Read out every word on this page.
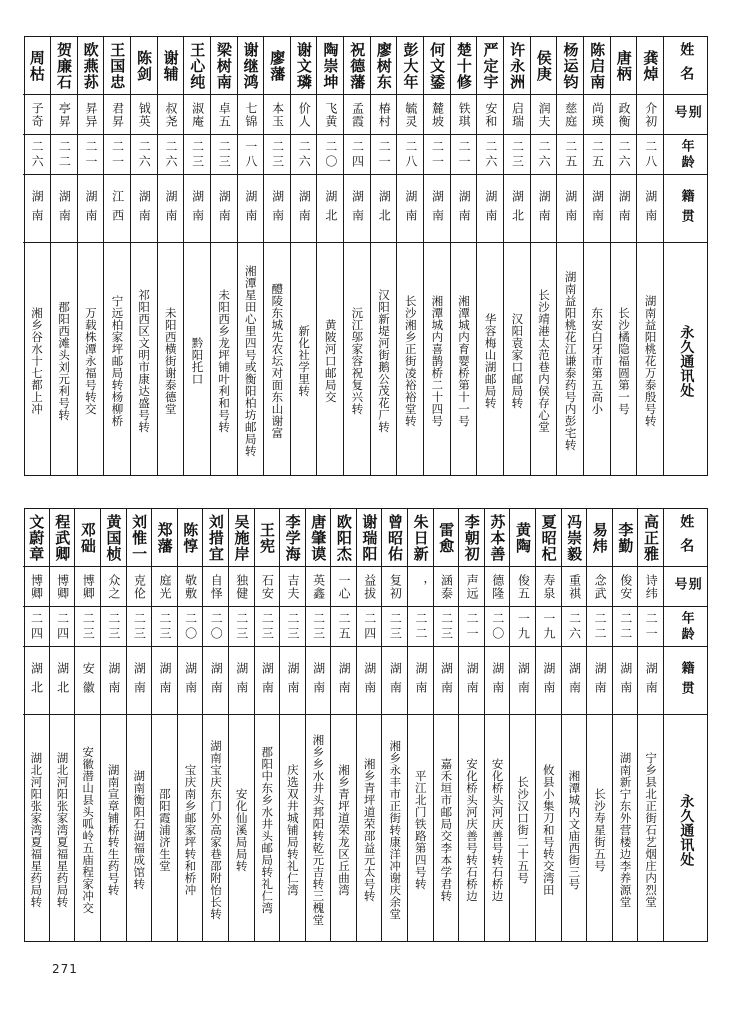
姓名
别号
年龄
籍贯
永久通讯处
龚焯
介初
二八
湖南
湖南益阳桃花万泰殷号转
唐柄
政衡
二六
湖南
长沙橘隐福圆第一号
陈启南
尚瑛
二五
湖南
东安白牙市第五高小
杨运钧
慈庭
二五
湖南
湖南益阳桃花江谦泰药号内彭宅转
侯庚
润夫
二六
湖南
长沙靖港太范巷内侯存心堂
许永洲
启瑞
二三
湖北
汉阳袁家口邮局转
严定宇
安和
二六
湖南
华容梅山湖邮局转
楚十修
铁琪
二一
湖南
湘潭城内育婴桥第十一号
何文鋈
麓坡
二一
湖南
湘潭城内喜鹊桥二十四号
彭大年
毓灵
二八
湖南
长沙湘乡正街凌裕裕堂转
廖树东
椿村
二一
湖北
汉阳新堤河街鹅公茂花厂转
祝德藩
孟霞
二四
湖南
沅江邬家容祝复兴转
陶崇坤
飞黄
二〇
湖北
黄陂河口邮局交
谢文璘
价人
二六
湖南
新化社学里转
廖藩
本玉
二三
湖南
醴陵东城先农坛对面东山谢富
谢继鸿
七锦
一八
湖南
湘潭星田心里四号或衡阳柏坊邮局转
梁树南
卓五
二三
湖南
未阳西乡龙坪铺叶利和号转
王心纯
淑庵
二三
湖南
黔阳托口
谢辅
叔尧
二六
湖南
未阳西横街谢泰德堂
陈剑
钺英
二六
湖南
祁阳西区文明市康达盛号转
王国忠
君昇
二一
江西
宁远柏家坪邮局转杨柳桥
欧燕荪
昇异
二一
湖南
万载株潭永福号转交
贺廉石
亭昇
二二
湖南
郡阳西滩头刘元利号转
周枯
子奇
二六
湖南
湘乡谷水十七都上冲
姓名
别号
年龄
籍贯
永久通讯处
高正雅
诗纬
二一
湖南
宁乡县北正街石艺烟庄内烈堂
李勤
俊安
二二
湖南
湖南新宁东外营楼边李养源堂
易炜
念武
二二
湖南
长沙寿星街五号
冯崇毅
重祺
二六
湖南
湘潭城内文庙西街三号
夏昭杞
寿泉
一九
湖南
攸县小集刀和号转交湾田
黄陶
俊五
一九
湖南
长沙汉口街二十五号
苏本善
德隆
二〇
湖南
安化桥头河庆善号转石桥边
李朝初
声远
二一
湖南
安化桥头河庆善号转石桥边
雷愈
涵泰
二三
湖南
嘉禾垣市邮局交李本学君转
朱日新
，
二二
湖南
平江北门铁路第四号转
曾昭佑
复初
二三
湖南
湘乡永丰市正街转康洋冲谢庆余堂
谢瑞阳
益拔
二四
湖南
湘乡青坪道荣邵益元太号转
欧阳杰
一心
二五
湖南
湘乡青坪道荣龙区丘曲湾
唐肇谟
英鑫
二三
湖南
湘乡乡水井头邦阳转乾元吉转三槐堂
李学海
吉夫
二三
湖南
庆选双井城铺局转礼仁湾
王宪
石安
二三
湖南
郡阳中东乡水井头邮局转礼仁湾
吴施岸
独健
二三
湖南
安化仙溪局局转
刘措宜
自怿
二〇
湖南
湖南宝庆东门外高家巷邵附怡长转
陈惇
敬敷
二〇
湖南
宝庆南乡邮家坪转和桥冲
郑藩
庭光
二三
湖南
邵阳霞浦济生堂
刘惟一
克伦
二三
湖南
湖南衡阳石湖福成馆转
黄国桢
众之
二三
湖南
湖南宣章铺桥转生药号转
邓础
博卿
二三
安徽
安徽潜山县头呱岭五庙程家冲交
程武卿
博卿
二四
湖北
湖北河阳张家湾夏福星药局转
文蔚章
博卿
二四
湖北
湖北河阳张家湾夏福星药局转
271
